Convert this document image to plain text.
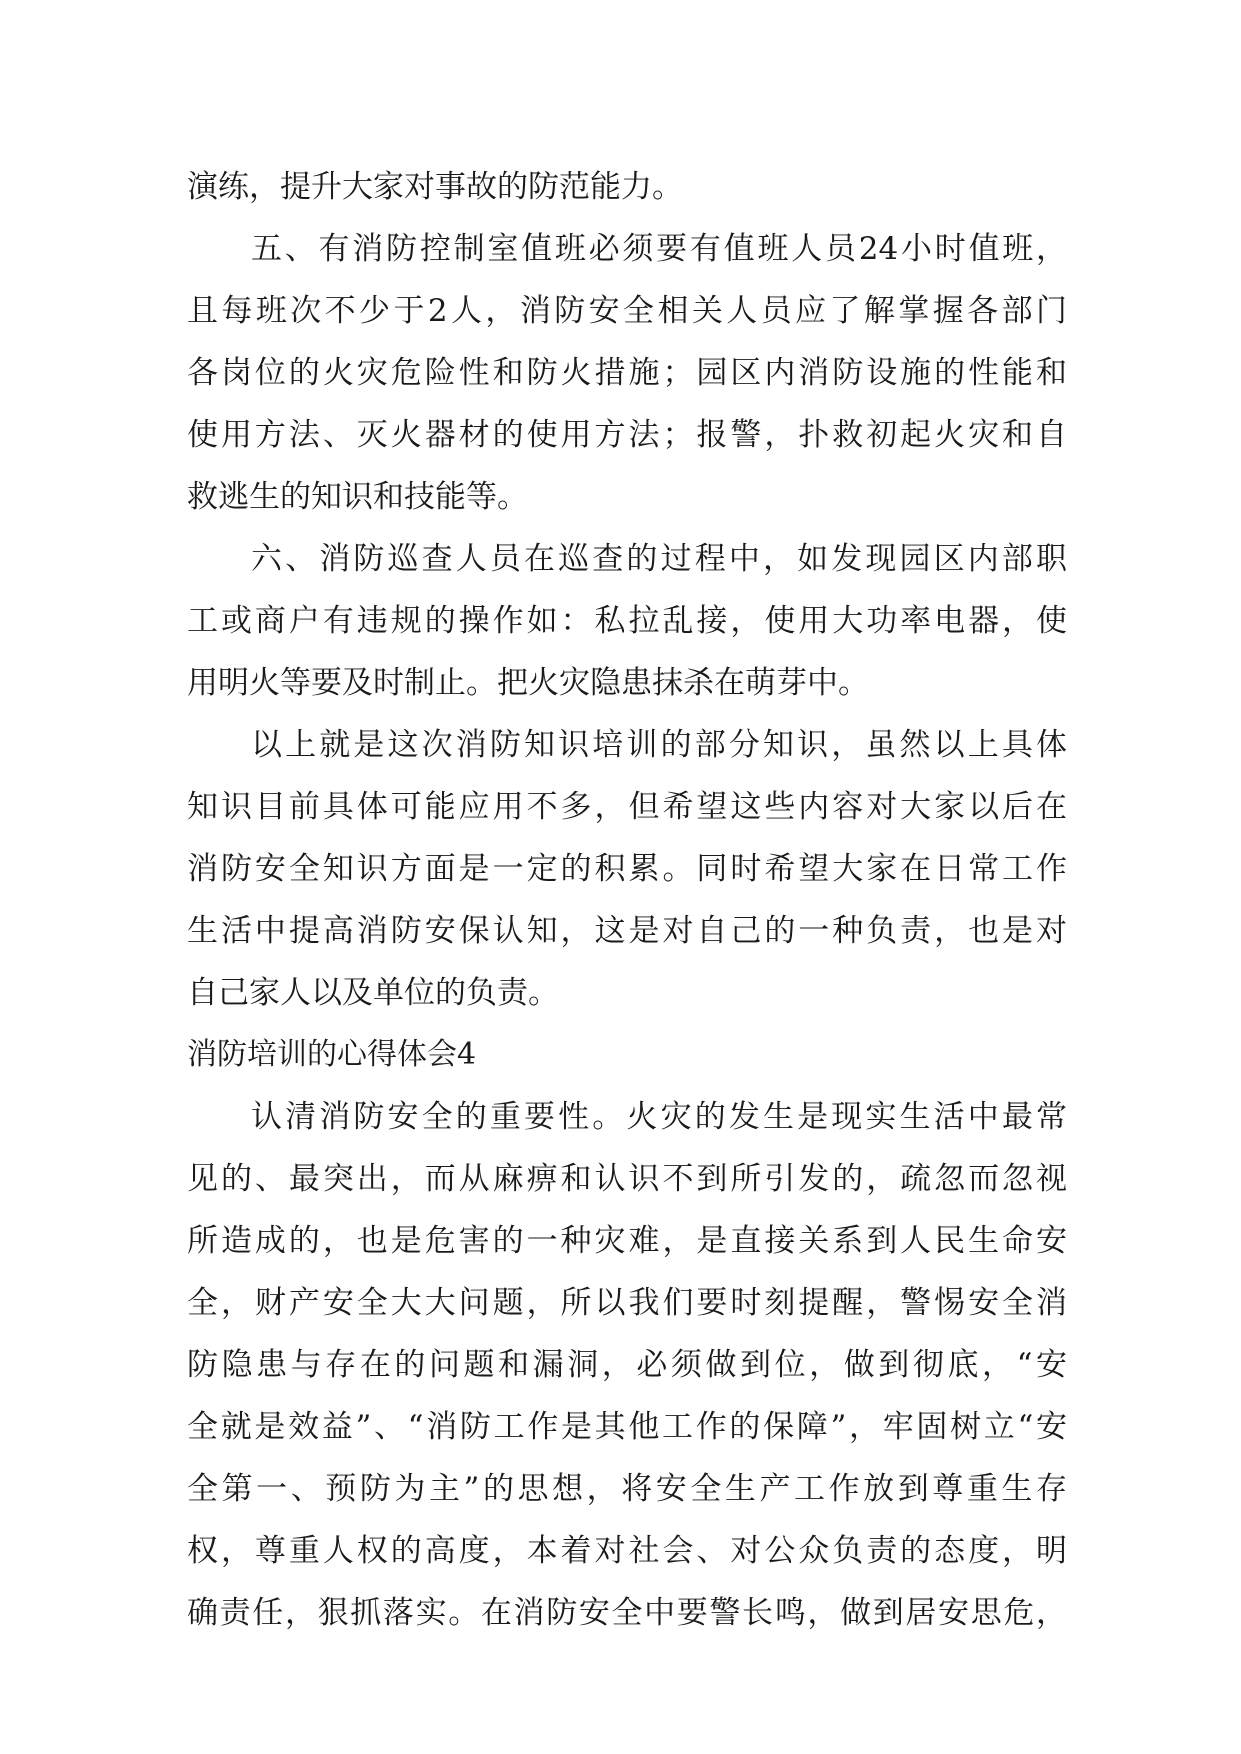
演练，提升大家对事故的防范能力。
五、有消防控制室值班必须要有值班人员24小时值班，
且每班次不少于2人，消防安全相关人员应了解掌握各部门
各岗位的火灾危险性和防火措施；园区内消防设施的性能和
使用方法、灭火器材的使用方法；报警，扑救初起火灾和自
救逃生的知识和技能等。
六、消防巡查人员在巡查的过程中，如发现园区内部职
工或商户有违规的操作如：私拉乱接，使用大功率电器，使
用明火等要及时制止。把火灾隐患抹杀在萌芽中。
以上就是这次消防知识培训的部分知识，虽然以上具体
知识目前具体可能应用不多，但希望这些内容对大家以后在
消防安全知识方面是一定的积累。同时希望大家在日常工作
生活中提高消防安保认知，这是对自己的一种负责，也是对
自己家人以及单位的负责。
消防培训的心得体会4
认清消防安全的重要性。火灾的发生是现实生活中最常
见的、最突出，而从麻痹和认识不到所引发的，疏忽而忽视
所造成的，也是危害的一种灾难，是直接关系到人民生命安
全，财产安全大大问题，所以我们要时刻提醒，警惕安全消
防隐患与存在的问题和漏洞，必须做到位，做到彻底，“安
全就是效益”、“消防工作是其他工作的保障”，牢固树立“安
全第一、预防为主”的思想，将安全生产工作放到尊重生存
权，尊重人权的高度，本着对社会、对公众负责的态度，明
确责任，狠抓落实。在消防安全中要警长鸣，做到居安思危，
